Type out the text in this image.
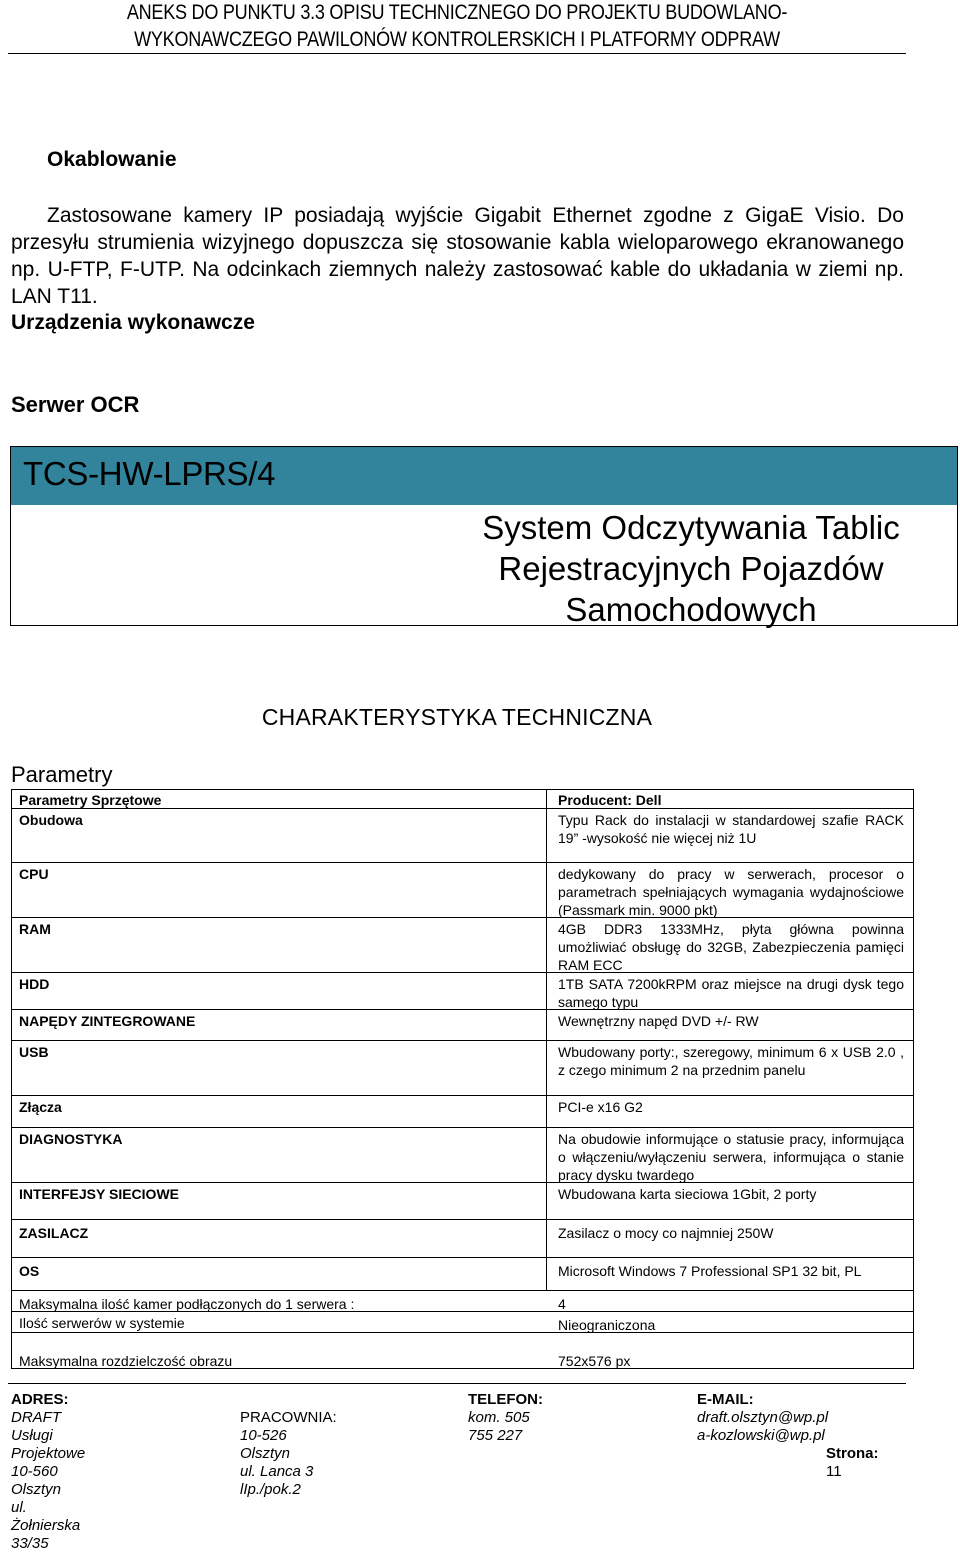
ANEKS DO PUNKTU 3.3 OPISU TECHNICZNEGO DO PROJEKTU BUDOWLANO-
WYKONAWCZEGO PAWILONÓW KONTROLERSKICH I PLATFORMY ODPRAW
Okablowanie
Zastosowane kamery IP posiadają wyjście Gigabit Ethernet zgodne z GigaE Visio. Do przesyłu strumienia wizyjnego dopuszcza się stosowanie kabla wieloparowego ekranowanego np. U-FTP, F-UTP. Na odcinkach ziemnych należy zastosować kable do układania w ziemi np. LAN T11.
Urządzenia wykonawcze
Serwer OCR
TCS-HW-LPRS/4
System Odczytywania Tablic
Rejestracyjnych Pojazdów
Samochodowych
CHARAKTERYSTYKA TECHNICZNA
Parametry
Parametry Sprzętowe	Producent: Dell
Obudowa	Typu Rack do instalacji w standardowej szafie RACK 19” -wysokość nie więcej niż 1U
CPU	dedykowany do pracy w serwerach, procesor o parametrach spełniających wymagania wydajnościowe (Passmark min. 9000 pkt)
RAM	4GB DDR3 1333MHz, płyta główna powinna umożliwiać obsługę do 32GB, Zabezpieczenia pamięci RAM ECC
HDD	1TB SATA 7200kRPM oraz miejsce na drugi dysk tego samego typu
NAPĘDY ZINTEGROWANE	Wewnętrzny napęd DVD +/- RW
USB	Wbudowany porty:, szeregowy, minimum 6 x USB 2.0 , z czego minimum 2 na przednim panelu
Złącza	PCI-e x16 G2
DIAGNOSTYKA	Na obudowie informujące o statusie pracy, informująca o włączeniu/wyłączeniu serwera, informująca o stanie pracy dysku twardego
INTERFEJSY SIECIOWE	Wbudowana karta sieciowa 1Gbit, 2 porty
ZASILACZ	Zasilacz o mocy co najmniej 250W
OS	Microsoft Windows 7 Professional SP1 32 bit, PL
Maksymalna ilość kamer podłączonych do 1 serwera :	4
Ilość serwerów w systemie	Nieograniczona
Maksymalna rozdzielczość obrazu	752x576 px
ADRES:
DRAFT Usługi Projektowe
10-560 Olsztyn
ul. Żołnierska 33/35
PRACOWNIA:
10-526 Olsztyn
ul. Lanca 3 lIp./pok.2
TELEFON:
kom. 505 755 227
E-MAIL:
draft.olsztyn@wp.pl
a-kozlowski@wp.pl
Strona: 11
